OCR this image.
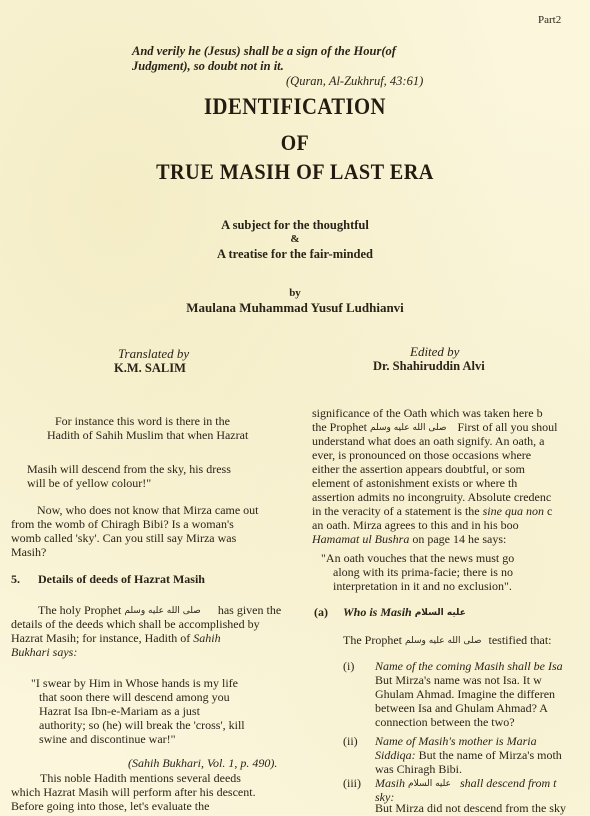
Part2
And verily he (Jesus) shall be a sign of the Hour(of
Judgment), so doubt not in it.
(Quran, Al-Zukhruf, 43:61)
IDENTIFICATION
OF
TRUE MASIH OF LAST ERA
A subject for the thoughtful
&
A treatise for the fair-minded
by
Maulana Muhammad Yusuf Ludhianvi
Translated by
K.M. SALIM
Edited by
Dr. Shahiruddin Alvi
For instance this word is there in the
Hadith of Sahih Muslim that when Hazrat
Masih will descend from the sky, his dress
will be of yellow colour!"
Now, who does not know that Mirza came out
from the womb of Chiragh Bibi? Is a woman's
womb called 'sky'. Can you still say Mirza was
Masih?
5. Details of deeds of Hazrat Masih
The holy Prophet صلى الله عليه وسلم has given the
details of the deeds which shall be accomplished by
Hazrat Masih; for instance, Hadith of Sahih
Bukhari says:
"I swear by Him in Whose hands is my life
that soon there will descend among you
Hazrat Isa Ibn-e-Mariam as a just
authority; so (he) will break the 'cross', kill
swine and discontinue war!"
(Sahih Bukhari, Vol. 1, p. 490).
This noble Hadith mentions several deeds
which Hazrat Masih will perform after his descent.
Before going into those, let's evaluate the
significance of the Oath which was taken here b
the Prophet صلى الله عليه وسلم First of all you shoul
understand what does an oath signify. An oath, a
ever, is pronounced on those occasions where
either the assertion appears doubtful, or som
element of astonishment exists or where th
assertion admits no incongruity. Absolute credenc
in the veracity of a statement is the sine qua non c
an oath. Mirza agrees to this and in his boo
Hamamat ul Bushra on page 14 he says:
"An oath vouches that the news must go
along with its prima-facie; there is no
interpretation in it and no exclusion".
(a) Who is Masih عليه السلام
The Prophet صلى الله عليه وسلم testified that:
(i) Name of the coming Masih shall be Isa
But Mirza's name was not Isa. It w
Ghulam Ahmad. Imagine the differen
between Isa and Ghulam Ahmad? A
connection between the two?
(ii) Name of Masih's mother is Maria
Siddiqa: But the name of Mirza's moth
was Chiragh Bibi.
(iii) Masih عليه السلام shall descend from t
sky:
But Mirza did not descend from the sky
